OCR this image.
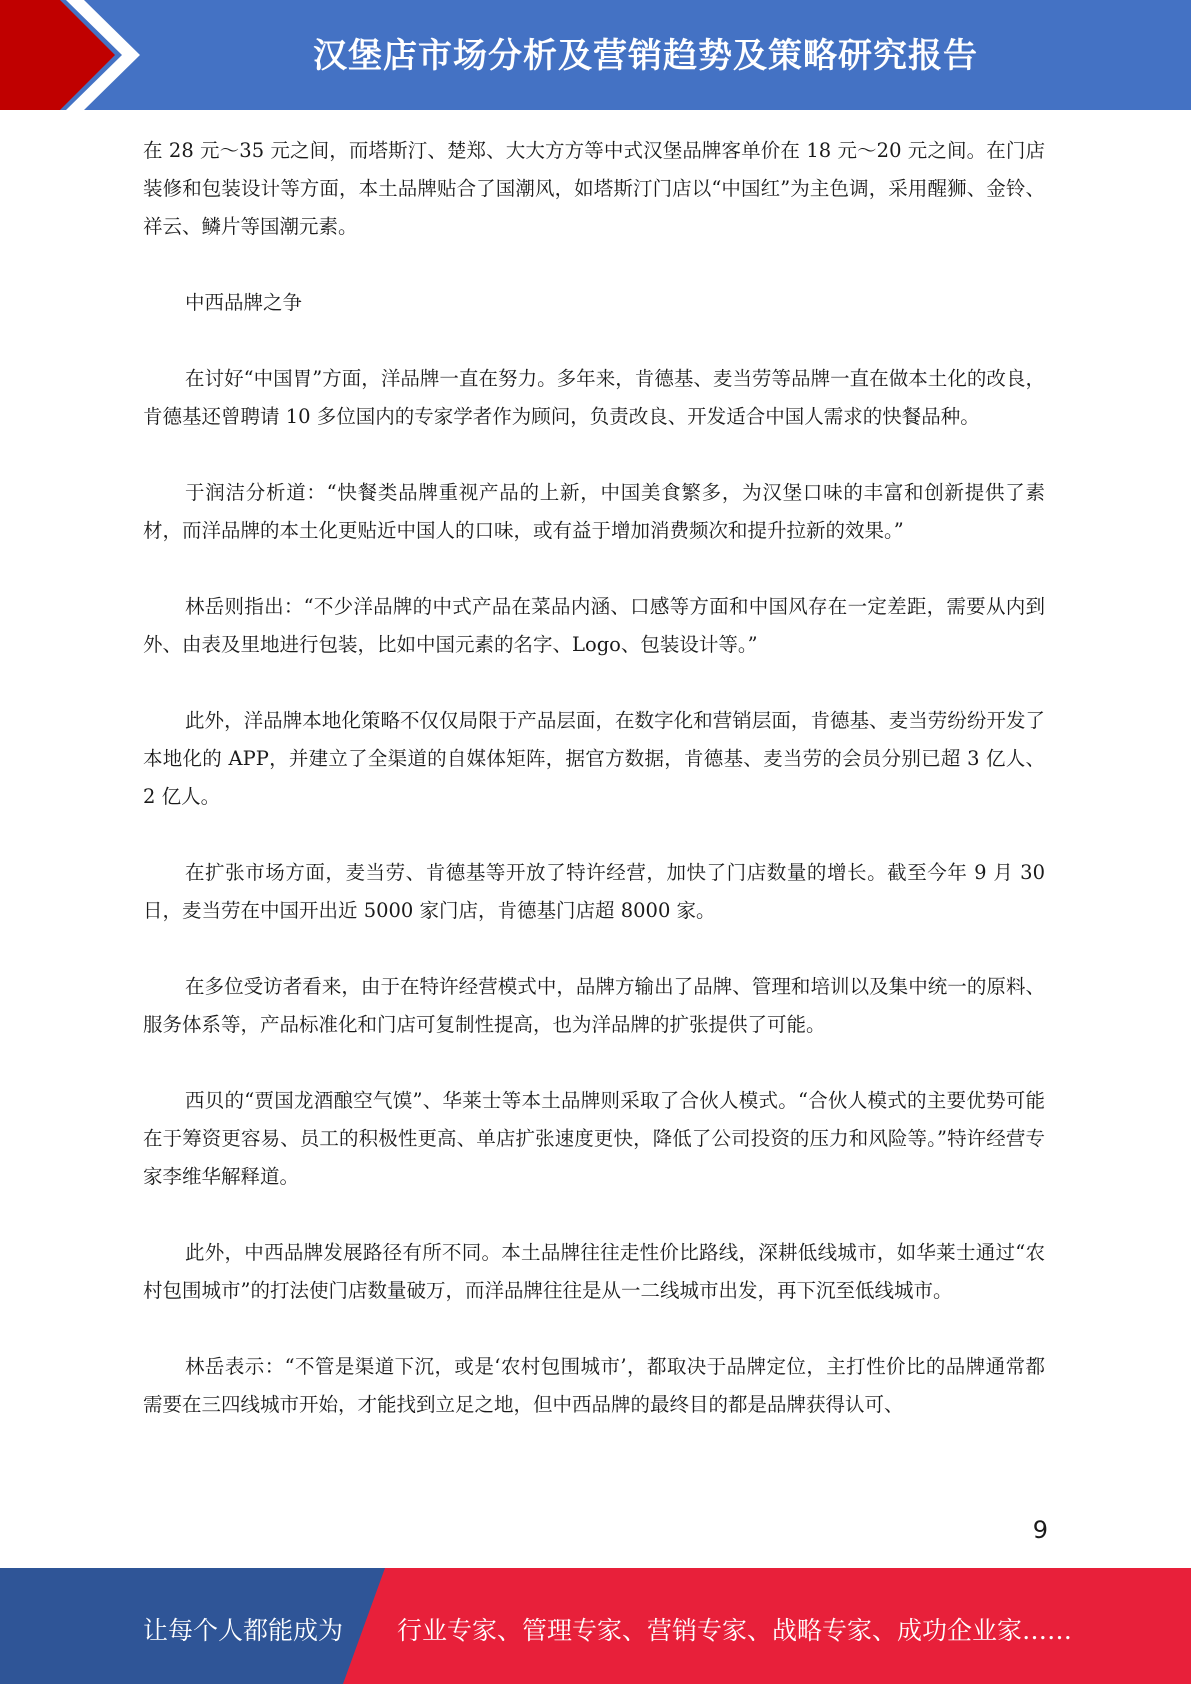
汉堡店市场分析及营销趋势及策略研究报告

在 28 元～35 元之间，而塔斯汀、楚郑、大大方方等中式汉堡品牌客单价在 18 元～20 元之间。在门店装修和包装设计等方面，本土品牌贴合了国潮风，如塔斯汀门店以“中国红”为主色调，采用醒狮、金铃、祥云、鳞片等国潮元素。

中西品牌之争

在讨好“中国胃”方面，洋品牌一直在努力。多年来，肯德基、麦当劳等品牌一直在做本土化的改良，肯德基还曾聘请 10 多位国内的专家学者作为顾问，负责改良、开发适合中国人需求的快餐品种。

于润洁分析道：“快餐类品牌重视产品的上新，中国美食繁多，为汉堡口味的丰富和创新提供了素材，而洋品牌的本土化更贴近中国人的口味，或有益于增加消费频次和提升拉新的效果。”

林岳则指出：“不少洋品牌的中式产品在菜品内涵、口感等方面和中国风存在一定差距，需要从内到外、由表及里地进行包装，比如中国元素的名字、Logo、包装设计等。”

此外，洋品牌本地化策略不仅仅局限于产品层面，在数字化和营销层面，肯德基、麦当劳纷纷开发了本地化的 APP，并建立了全渠道的自媒体矩阵，据官方数据，肯德基、麦当劳的会员分别已超 3 亿人、2 亿人。

在扩张市场方面，麦当劳、肯德基等开放了特许经营，加快了门店数量的增长。截至今年 9 月 30 日，麦当劳在中国开出近 5000 家门店，肯德基门店超 8000 家。

在多位受访者看来，由于在特许经营模式中，品牌方输出了品牌、管理和培训以及集中统一的原料、服务体系等，产品标准化和门店可复制性提高，也为洋品牌的扩张提供了可能。

西贝的“贾国龙酒酿空气馍”、华莱士等本土品牌则采取了合伙人模式。“合伙人模式的主要优势可能在于筹资更容易、员工的积极性更高、单店扩张速度更快，降低了公司投资的压力和风险等。”特许经营专家李维华解释道。

此外，中西品牌发展路径有所不同。本土品牌往往走性价比路线，深耕低线城市，如华莱士通过“农村包围城市”的打法使门店数量破万，而洋品牌往往是从一二线城市出发，再下沉至低线城市。

林岳表示：“不管是渠道下沉，或是‘农村包围城市’，都取决于品牌定位，主打性价比的品牌通常都需要在三四线城市开始，才能找到立足之地，但中西品牌的最终目的都是品牌获得认可、

9
让每个人都能成为 行业专家、管理专家、营销专家、战略专家、成功企业家……
